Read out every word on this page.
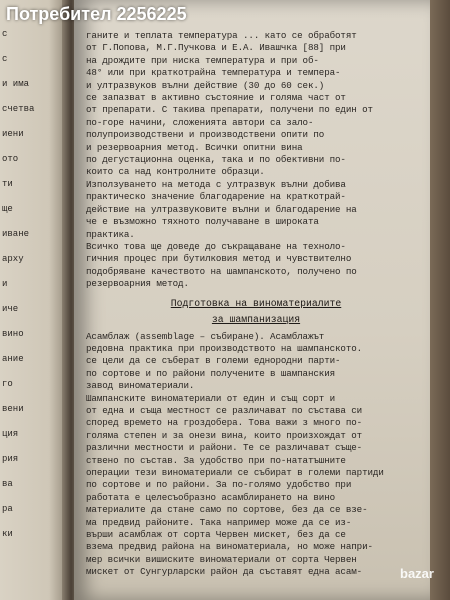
с
с
и има
счетва
иени
ото
ти
ще
иване
арху
и
иче
вино
ание
го
вени
ция
рия
ва
ра
ки
ганите и теплата температура ... като се обработят
от Г.Попова, М.Г.Пучкова и Е.А. Ивашчка [88] при
на дрождите при ниска температура и при об-
48° или при краткотрайна температура и темпера-
и ултразвуков вълни действие (30 до 60 сек.)
се запазват в активно състояние и голяма част от
от препарати. С такива препарати, получени по един от
по-горе начини, сложенията автори са зало-
полупроизводствени и производствени опити по
и резервоарния метод. Всички опитни вина
по дегустационна оценка, така и по обективни по-
които са над контролните образци.
Използуването на метода с ултразвук вълни добива
практическо значение благодарение на краткотрай-
действие на ултразвуковите вълни и благодарение на
че е възможно тяхното получаване в широката
практика.
Всичко това ще доведе до съкращаване на техноло-
гичния процес при бутилковия метод и чувствително
подобряване качеството на шампанското, получено по
резервоарния метод.
Подготовка на виноматериалите
за шампанизация
Асамблаж (assemblage – събиране). Асамблажът
редовна практика при производството на шампанското.
се цели да се съберат в големи еднородни парти-
по сортове и по райони получените в шампанския
завод виноматериали.
Шампанските виноматериали от един и същ сорт и
от една и съща местност се различават по състава си
според времето на гроздобера. Това важи з много по-
голяма степен и за онези вина, които произхождат от
различни местности и райони. Те се различават съще-
ствено по състав. За удобство при по-нататъшните
операции тези виноматериали се събират в големи партиди
по сортове и по райони. За по-голямо удобство при
работата е целесъобразно асамблирането на вино
материалите да стане само по сортове, без да се взе-
ма предвид районите. Така например може да се из-
върши асамблаж от сорта Червен мискет, без да се
взема предвид района на виноматериала, но може напри-
мер всички вишиските виноматериали от сорта Червен
мискет от Сунгурларски район да съставят една асам-
Потребител 2256225
bazar
